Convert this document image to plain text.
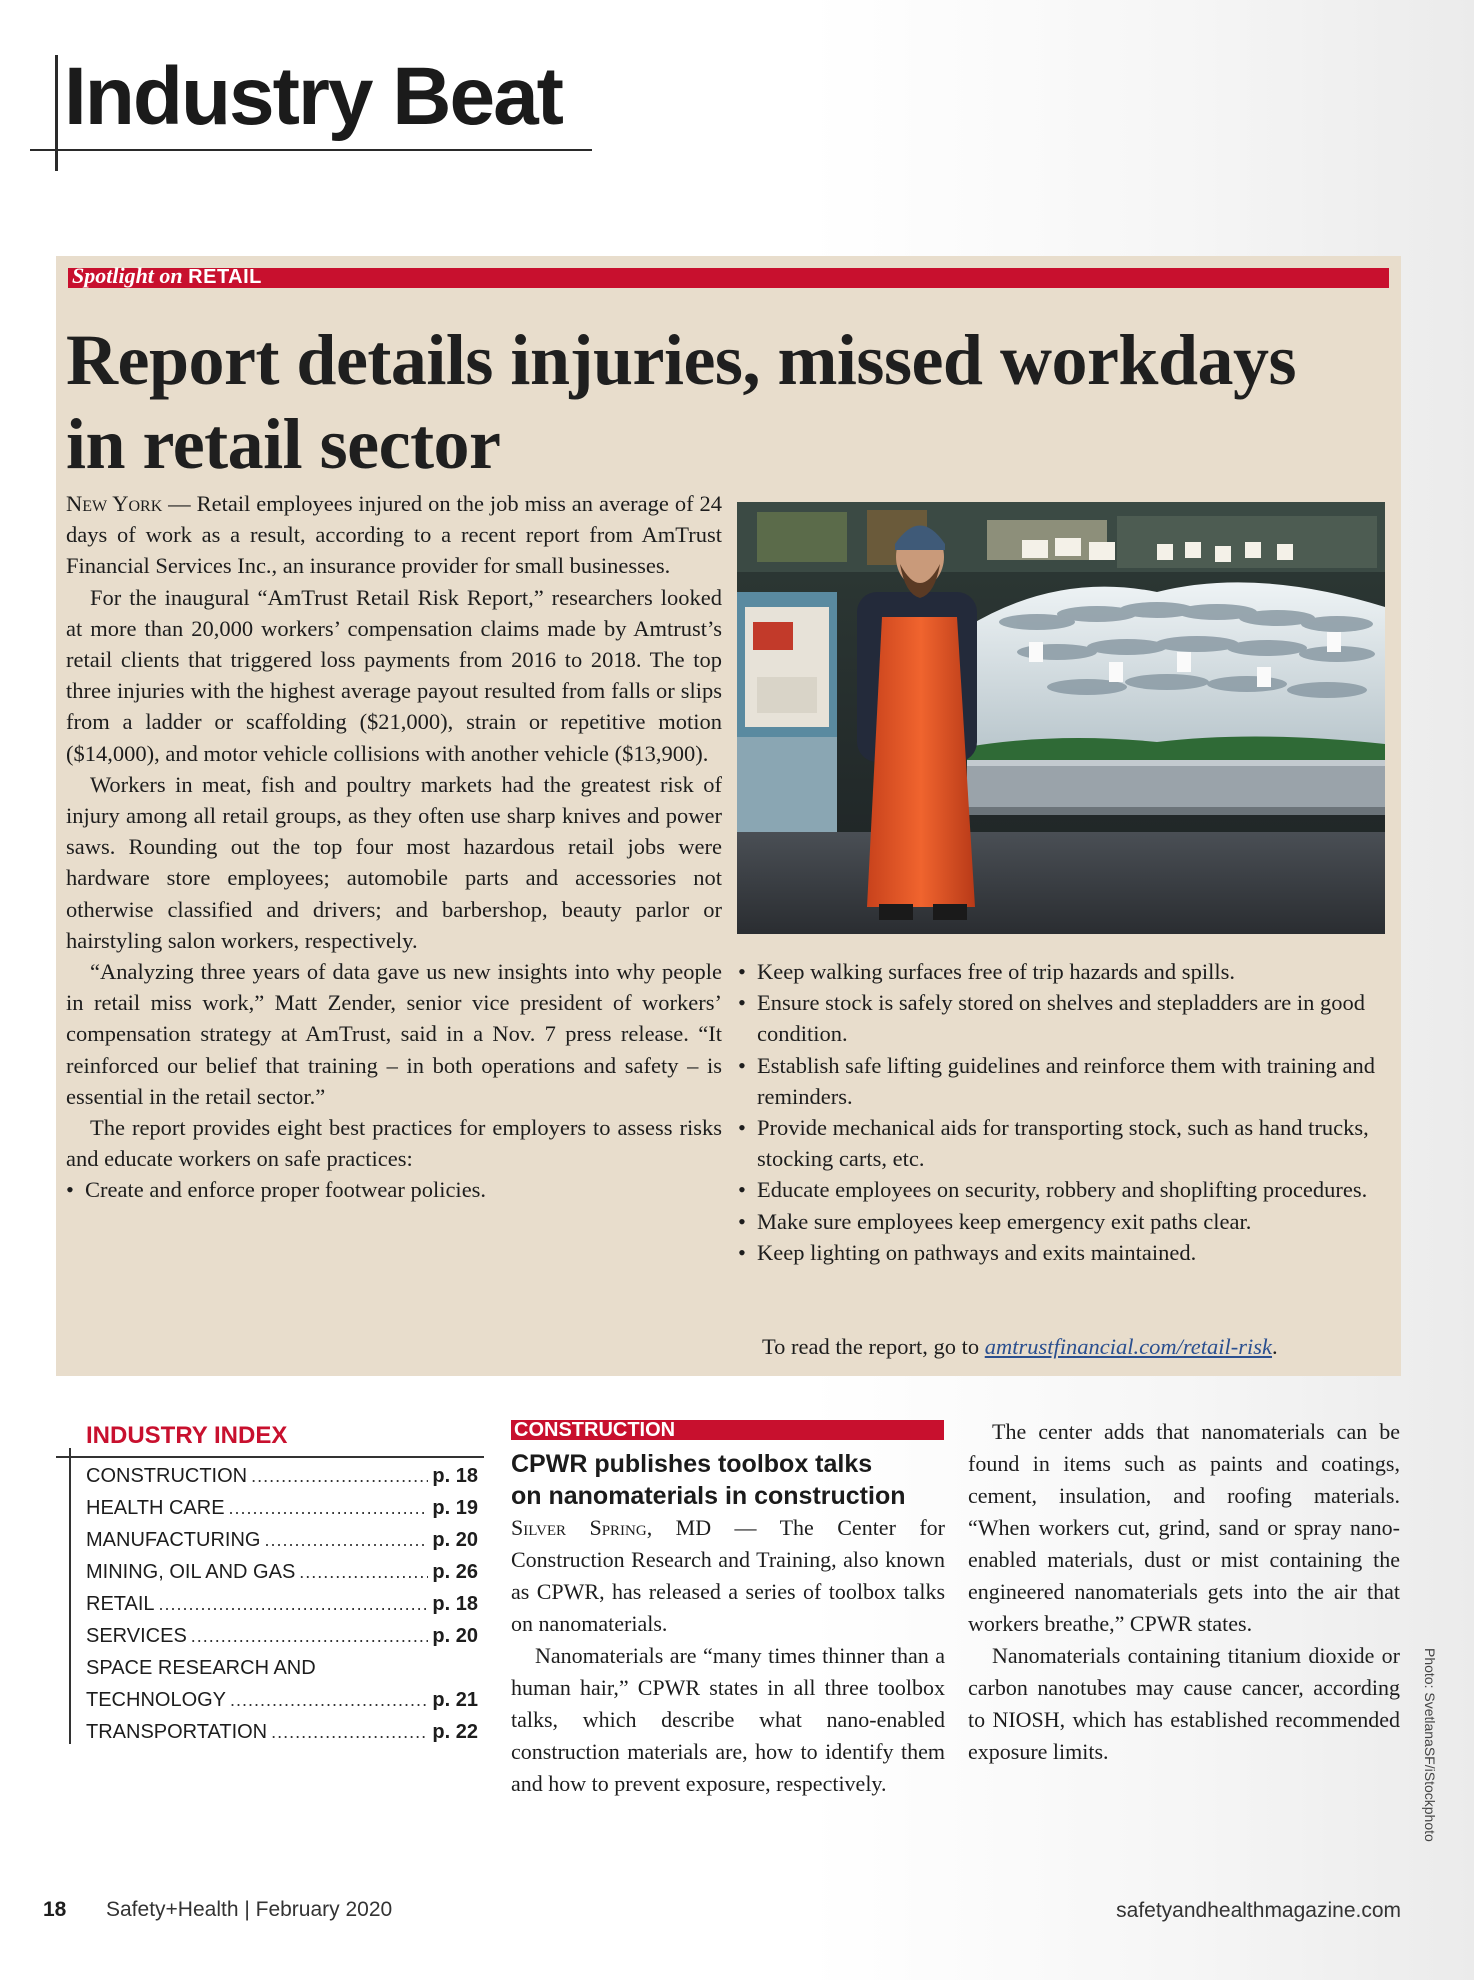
Industry Beat
Spotlight on RETAIL
Report details injuries, missed workdays
in retail sector

New York — Retail employees injured on the job miss an average of 24 days of work as a result, according to a recent report from AmTrust Financial Services Inc., an insurance provider for small businesses.

For the inaugural “AmTrust Retail Risk Report,” researchers looked at more than 20,000 workers’ compensation claims made by Amtrust’s retail clients that triggered loss payments from 2016 to 2018. The top three injuries with the highest average payout resulted from falls or slips from a ladder or scaffolding ($21,000), strain or repetitive motion ($14,000), and motor vehicle collisions with another vehicle ($13,900).

Workers in meat, fish and poultry markets had the greatest risk of injury among all retail groups, as they often use sharp knives and power saws. Rounding out the top four most hazardous retail jobs were hardware store employees; automobile parts and accessories not otherwise classified and drivers; and barbershop, beauty parlor or hairstyling salon workers, respectively.

“Analyzing three years of data gave us new insights into why people in retail miss work,” Matt Zender, senior vice president of workers’ compensation strategy at AmTrust, said in a Nov. 7 press release. “It reinforced our belief that training – in both operations and safety – is essential in the retail sector.”

The report provides eight best practices for employers to assess risks and educate workers on safe practices:

• Create and enforce proper footwear policies.
• Keep walking surfaces free of trip hazards and spills.
• Ensure stock is safely stored on shelves and stepladders are in good condition.
• Establish safe lifting guidelines and reinforce them with training and reminders.
• Provide mechanical aids for transporting stock, such as hand trucks, stocking carts, etc.
• Educate employees on security, robbery and shoplifting procedures.
• Make sure employees keep emergency exit paths clear.
• Keep lighting on pathways and exits maintained.
To read the report, go to amtrustfinancial.com/retail-risk.
INDUSTRY INDEX
CONSTRUCTION .....	p. 18
HEALTH CARE .....	p. 19
MANUFACTURING .....	p. 20
MINING, OIL AND GAS .....	p. 26
RETAIL .....	p. 18
SERVICES .....	p. 20
SPACE RESEARCH AND
TECHNOLOGY .....	p. 21
TRANSPORTATION .....	p. 22
CONSTRUCTION
CPWR publishes toolbox talks
on nanomaterials in construction

Silver Spring, MD — The Center for Construction Research and Training, also known as CPWR, has released a series of toolbox talks on nanomaterials.

Nanomaterials are “many times thinner than a human hair,” CPWR states in all three toolbox talks, which describe what nano-enabled construction materials are, how to identify them and how to prevent exposure, respectively.

The center adds that nanomaterials can be found in items such as paints and coatings, cement, insulation, and roofing materials. “When workers cut, grind, sand or spray nano-enabled materials, dust or mist containing the engineered nanomaterials gets into the air that workers breathe,” CPWR states.

Nanomaterials containing titanium dioxide or carbon nanotubes may cause cancer, according to NIOSH, which has established recommended exposure limits.	Photo: SvetlanaSF/iStockphoto
18 Safety+Health | February 2020	safetyandhealthmagazine.com
